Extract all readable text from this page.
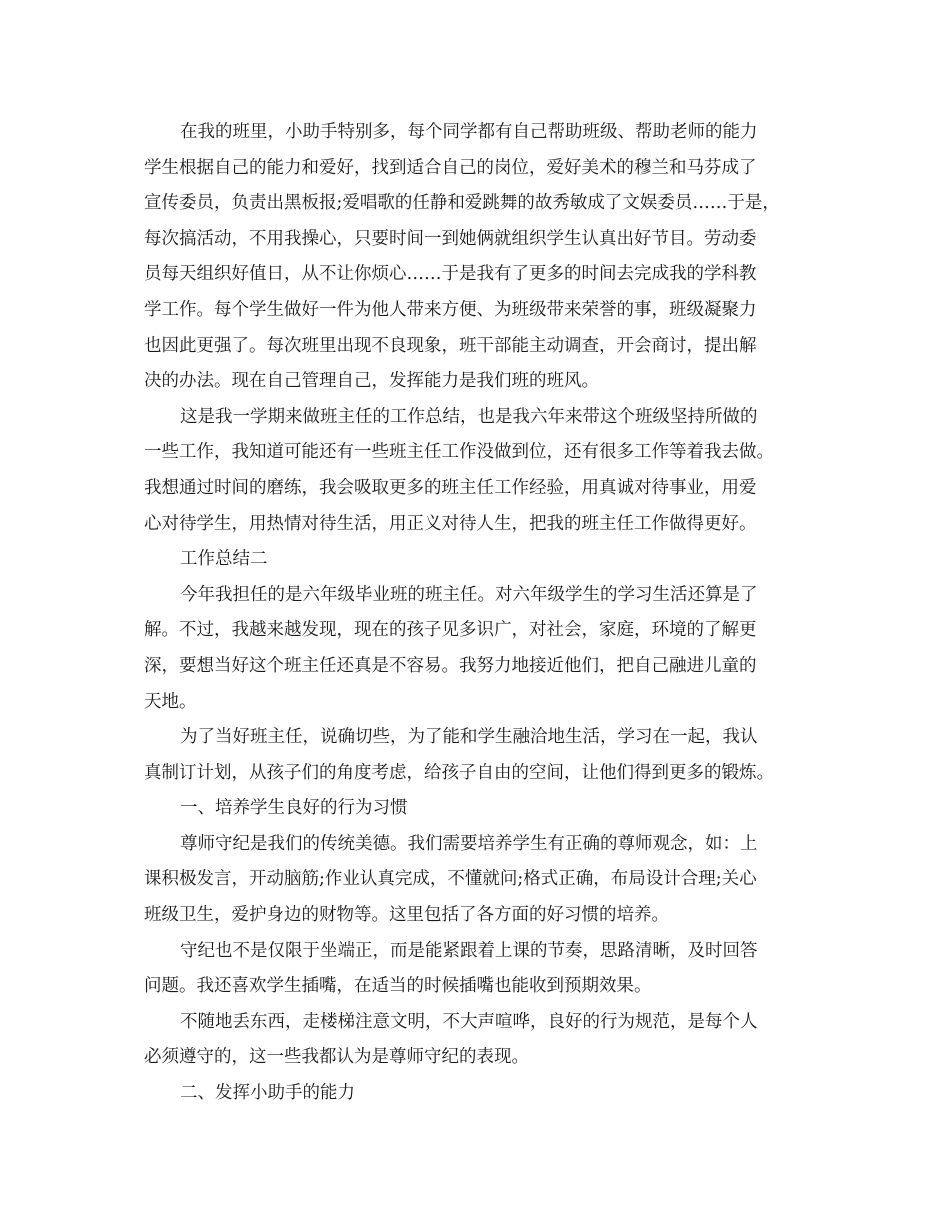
在我的班里，小助手特别多，每个同学都有自己帮助班级、帮助老师的能力
学生根据自己的能力和爱好，找到适合自己的岗位，爱好美术的穆兰和马芬成了
宣传委员，负责出黑板报;爱唱歌的任静和爱跳舞的故秀敏成了文娱委员……于是，
每次搞活动，不用我操心，只要时间一到她俩就组织学生认真出好节目。劳动委
员每天组织好值日，从不让你烦心……于是我有了更多的时间去完成我的学科教
学工作。每个学生做好一件为他人带来方便、为班级带来荣誉的事，班级凝聚力
也因此更强了。每次班里出现不良现象，班干部能主动调查，开会商讨，提出解
决的办法。现在自己管理自己，发挥能力是我们班的班风。
这是我一学期来做班主任的工作总结，也是我六年来带这个班级坚持所做的
一些工作，我知道可能还有一些班主任工作没做到位，还有很多工作等着我去做。
我想通过时间的磨练，我会吸取更多的班主任工作经验，用真诚对待事业，用爱
心对待学生，用热情对待生活，用正义对待人生，把我的班主任工作做得更好。
工作总结二
今年我担任的是六年级毕业班的班主任。对六年级学生的学习生活还算是了
解。不过，我越来越发现，现在的孩子见多识广，对社会，家庭，环境的了解更
深，要想当好这个班主任还真是不容易。我努力地接近他们，把自己融进儿童的
天地。
为了当好班主任，说确切些，为了能和学生融洽地生活，学习在一起，我认
真制订计划，从孩子们的角度考虑，给孩子自由的空间，让他们得到更多的锻炼。
一、培养学生良好的行为习惯
尊师守纪是我们的传统美德。我们需要培养学生有正确的尊师观念，如：上
课积极发言，开动脑筋;作业认真完成，不懂就问;格式正确，布局设计合理;关心
班级卫生，爱护身边的财物等。这里包括了各方面的好习惯的培养。
守纪也不是仅限于坐端正，而是能紧跟着上课的节奏，思路清晰，及时回答
问题。我还喜欢学生插嘴，在适当的时候插嘴也能收到预期效果。
不随地丢东西，走楼梯注意文明，不大声喧哗，良好的行为规范，是每个人
必须遵守的，这一些我都认为是尊师守纪的表现。
二、发挥小助手的能力
